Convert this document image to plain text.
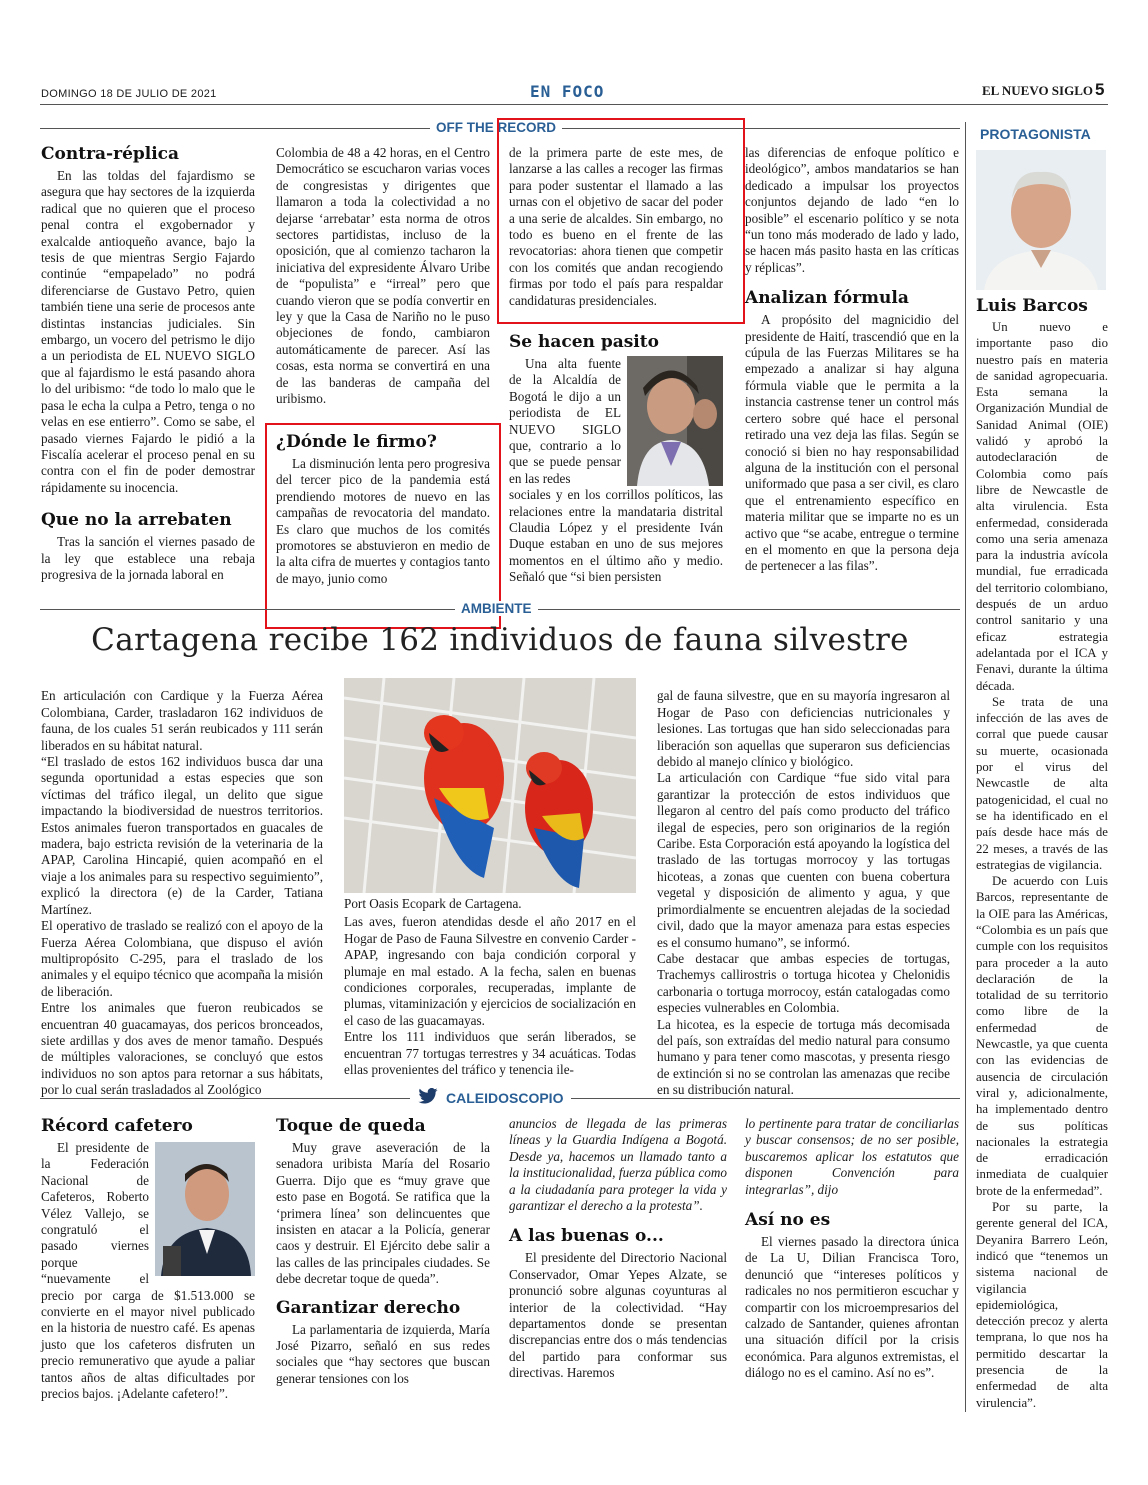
DOMINGO 18 DE JULIO DE 2021	EN FOCO	EL NUEVO SIGLO 5
OFF THE RECORD
Contra-réplica

En las toldas del fajardismo se asegura que hay sectores de la izquierda radical que no quieren que el proceso penal contra el exgobernador y exalcalde antioqueño avance, bajo la tesis de que mientras Sergio Fajardo continúe “empapelado” no podrá diferenciarse de Gustavo Petro, quien también tiene una serie de procesos ante distintas instancias judiciales. Sin embargo, un vocero del petrismo le dijo a un periodista de EL NUEVO SIGLO que al fajardismo le está pasando ahora lo del uribismo: “de todo lo malo que le pasa le echa la culpa a Petro, tenga o no velas en ese entierro”. Como se sabe, el pasado viernes Fajardo le pidió a la Fiscalía acelerar el proceso penal en su contra con el fin de poder demostrar rápidamente su inocencia.

Que no la arrebaten

Tras la sanción el viernes pasado de la ley que establece una rebaja progresiva de la jornada laboral en

Colombia de 48 a 42 horas, en el Centro Democrático se escucharon varias voces de congresistas y dirigentes que llamaron a toda la colectividad a no dejarse ‘arrebatar’ esta norma de otros sectores partidistas, incluso de la oposición, que al comienzo tacharon la iniciativa del expresidente Álvaro Uribe de “populista” e “irreal” pero que cuando vieron que se podía convertir en ley y que la Casa de Nariño no le puso objeciones de fondo, cambiaron automáticamente de parecer. Así las cosas, esta norma se convertirá en una de las banderas de campaña del uribismo.

¿Dónde le firmo?

La disminución lenta pero progresiva del tercer pico de la pandemia está prendiendo motores de nuevo en las campañas de revocatoria del mandato. Es claro que muchos de los comités promotores se abstuvieron en medio de la alta cifra de muertes y contagios tanto de mayo, junio como

de la primera parte de este mes, de lanzarse a las calles a recoger las firmas para poder sustentar el llamado a las urnas con el objetivo de sacar del poder a una serie de alcaldes. Sin embargo, no todo es bueno en el frente de las revocatorias: ahora tienen que competir con los comités que andan recogiendo firmas por todo el país para respaldar candidaturas presidenciales.

Se hacen pasito

Una alta fuente de la Alcaldía de Bogotá le dijo a un periodista de EL NUEVO SIGLO que, contrario a lo que se puede pensar en las redes

sociales y en los corrillos políticos, las relaciones entre la mandataria distrital Claudia López y el presidente Iván Duque estaban en uno de sus mejores momentos en el último año y medio. Señaló que “si bien persisten

las diferencias de enfoque político e ideológico”, ambos mandatarios se han dedicado a impulsar los proyectos conjuntos dejando de lado “en lo posible” el escenario político y se nota “un tono más moderado de lado y lado, se hacen más pasito hasta en las críticas y réplicas”.

Analizan fórmula

A propósito del magnicidio del presidente de Haití, trascendió que en la cúpula de las Fuerzas Militares se ha empezado a analizar si hay alguna fórmula viable que le permita a la instancia castrense tener un control más certero sobre qué hace el personal retirado una vez deja las filas. Según se conoció si bien no hay responsabilidad alguna de la institución con el personal uniformado que pasa a ser civil, es claro que el entrenamiento específico en materia militar que se imparte no es un activo que “se acabe, entregue o termine en el momento en que la persona deja de pertenecer a las filas”.

PROTAGONISTA
Luis Barcos

Un nuevo e importante paso dio nuestro país en materia de sanidad agropecuaria. Esta semana la Organización Mundial de Sanidad Animal (OIE) validó y aprobó la autodeclaración de Colombia como país libre de Newcastle de alta virulencia. Esta enfermedad, considerada como una seria amenaza para la industria avícola mundial, fue erradicada del territorio colombiano, después de un arduo control sanitario y una eficaz estrategia adelantada por el ICA y Fenavi, durante la última década.

Se trata de una infección de las aves de corral que puede causar su muerte, ocasionada por el virus del Newcastle de alta patogenicidad, el cual no se ha identificado en el país desde hace más de 22 meses, a través de las estrategias de vigilancia.

De acuerdo con Luis Barcos, representante de la OIE para las Américas, “Colombia es un país que cumple con los requisitos para proceder a la auto declaración de la totalidad de su territorio como libre de la enfermedad de Newcastle, ya que cuenta con las evidencias de ausencia de circulación viral y, adicionalmente, ha implementado dentro de sus políticas nacionales la estrategia de erradicación inmediata de cualquier brote de la enfermedad”.

Por su parte, la gerente general del ICA, Deyanira Barrero León, indicó que “tenemos un sistema nacional de vigilancia epidemiológica, detección precoz y alerta temprana, lo que nos ha permitido descartar la presencia de la enfermedad de alta virulencia”.

AMBIENTE
Cartagena recibe 162 individuos de fauna silvestre

En articulación con Cardique y la Fuerza Aérea Colombiana, Carder, trasladaron 162 individuos de fauna, de los cuales 51 serán reubicados y 111 serán liberados en su hábitat natural.
“El traslado de estos 162 individuos busca dar una segunda oportunidad a estas especies que son víctimas del tráfico ilegal, un delito que sigue impactando la biodiversidad de nuestros territorios. Estos animales fueron transportados en guacales de madera, bajo estricta revisión de la veterinaria de la APAP, Carolina Hincapié, quien acompañó en el viaje a los animales para su respectivo seguimiento”, explicó la directora (e) de la Carder, Tatiana Martínez.
El operativo de traslado se realizó con el apoyo de la Fuerza Aérea Colombiana, que dispuso el avión multipropósito C-295, para el traslado de los animales y el equipo técnico que acompaña la misión de liberación.
Entre los animales que fueron reubicados se encuentran 40 guacamayas, dos pericos bronceados, siete ardillas y dos aves de menor tamaño. Después de múltiples valoraciones, se concluyó que estos individuos no son aptos para retornar a sus hábitats, por lo cual serán trasladados al Zoológico

Port Oasis Ecopark de Cartagena.
Las aves, fueron atendidas desde el año 2017 en el Hogar de Paso de Fauna Silvestre en convenio Carder - APAP, ingresando con baja condición corporal y plumaje en mal estado. A la fecha, salen en buenas condiciones corporales, recuperadas, implante de plumas, vitaminización y ejercicios de socialización en el caso de las guacamayas.
Entre los 111 individuos que serán liberados, se encuentran 77 tortugas terrestres y 34 acuáticas. Todas ellas provenientes del tráfico y tenencia ile-

gal de fauna silvestre, que en su mayoría ingresaron al Hogar de Paso con deficiencias nutricionales y lesiones. Las tortugas que han sido seleccionadas para liberación son aquellas que superaron sus deficiencias debido al manejo clínico y biológico.
La articulación con Cardique “fue sido vital para garantizar la protección de estos individuos que llegaron al centro del país como producto del tráfico ilegal de especies, pero son originarios de la región Caribe. Esta Corporación está apoyando la logística del traslado de las tortugas morrocoy y las tortugas hicoteas, a zonas que cuenten con buena cobertura vegetal y disposición de alimento y agua, y que primordialmente se encuentren alejadas de la sociedad civil, dado que la mayor amenaza para estas especies es el consumo humano”, se informó.
Cabe destacar que ambas especies de tortugas, Trachemys callirostris o tortuga hicotea y Chelonidis carbonaria o tortuga morrocoy, están catalogadas como especies vulnerables en Colombia.
La hicotea, es la especie de tortuga más decomisada del país, son extraídas del medio natural para consumo humano y para tener como mascotas, y presenta riesgo de extinción si no se controlan las amenazas que recibe en su distribución natural.

CALEIDOSCOPIO
Récord cafetero

El presidente de la Federación Nacional de Cafeteros, Roberto Vélez Vallejo, se congratuló el pasado viernes porque “nuevamente el precio por carga de $1.513.000 se convierte en el mayor nivel publicado en la historia de nuestro café. Es apenas justo que los cafeteros disfruten un precio remunerativo que ayude a paliar tantos años de altas dificultades por precios bajos. ¡Adelante cafetero!”.

Toque de queda

Muy grave aseveración de la senadora uribista María del Rosario Guerra. Dijo que es “muy grave que esto pase en Bogotá. Se ratifica que la ‘primera línea’ son delincuentes que insisten en atacar a la Policía, generar caos y destruir. El Ejército debe salir a las calles de las principales ciudades. Se debe decretar toque de queda”.

Garantizar derecho

La parlamentaria de izquierda, María José Pizarro, señaló en sus redes sociales que “hay sectores que buscan generar tensiones con los

anuncios de llegada de las primeras líneas y la Guardia Indígena a Bogotá. Desde ya, hacemos un llamado tanto a la institucionalidad, fuerza pública como a la ciudadanía para proteger la vida y garantizar el derecho a la protesta”.

A las buenas o...

El presidente del Directorio Nacional Conservador, Omar Yepes Alzate, se pronunció sobre algunas coyunturas al interior de la colectividad. “Hay departamentos donde se presentan discrepancias entre dos o más tendencias del partido para conformar sus directivas. Haremos

lo pertinente para tratar de conciliarlas y buscar consensos; de no ser posible, buscaremos aplicar los estatutos que disponen Convención para integrarlas”, dijo

Así no es

El viernes pasado la directora única de La U, Dilian Francisca Toro, denunció que “intereses políticos y radicales no nos permitieron escuchar y compartir con los microempresarios del calzado de Santander, quienes afrontan una situación difícil por la crisis económica. Para algunos extremistas, el diálogo no es el camino. Así no es”.
